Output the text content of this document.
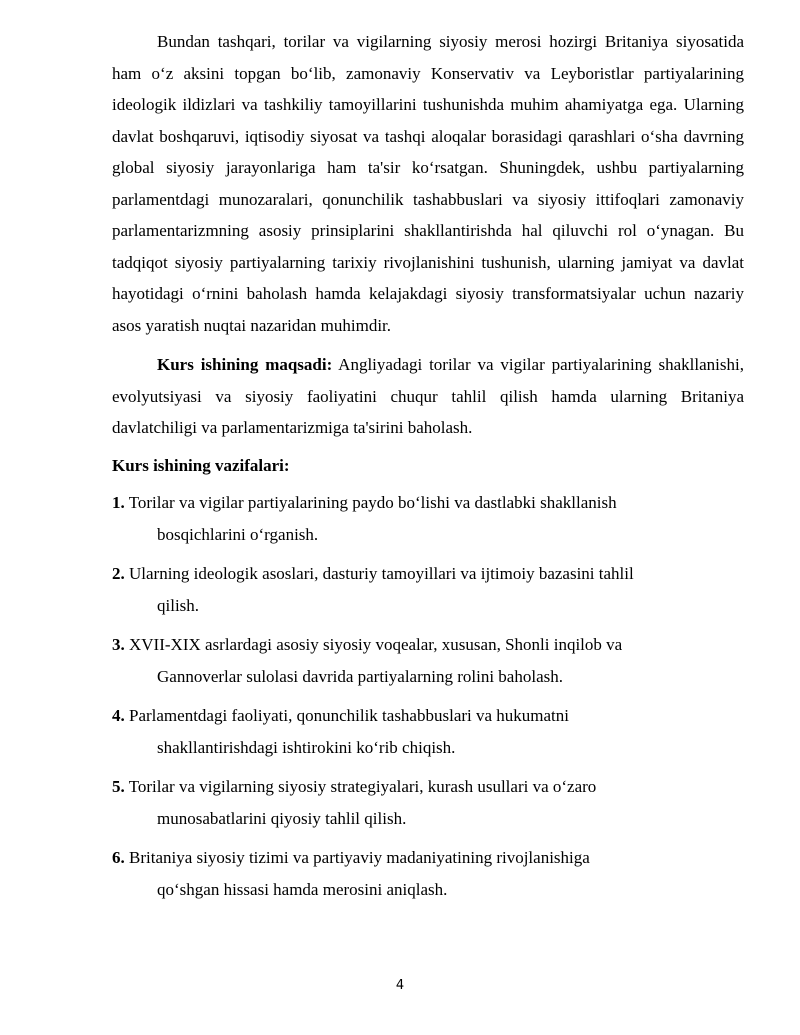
Bundan tashqari, torilar va vigilarning siyosiy merosi hozirgi Britaniya siyosatida ham o‘z aksini topgan bo‘lib, zamonaviy Konservativ va Leyboristlar partiyalarining ideologik ildizlari va tashkiliy tamoyillarini tushunishda muhim ahamiyatga ega. Ularning davlat boshqaruvi, iqtisodiy siyosat va tashqi aloqalar borasidagi qarashlari o‘sha davrning global siyosiy jarayonlariga ham ta'sir ko‘rsatgan. Shuningdek, ushbu partiyalarning parlamentdagi munozaralari, qonunchilik tashabbuslari va siyosiy ittifoqlari zamonaviy parlamentarizmning asosiy prinsiplarini shakllantirishda hal qiluvchi rol o‘ynagan. Bu tadqiqot siyosiy partiyalarning tarixiy rivojlanishini tushunish, ularning jamiyat va davlat hayotidagi o‘rnini baholash hamda kelajakdagi siyosiy transformatsiyalar uchun nazariy asos yaratish nuqtai nazaridan muhimdir.

Kurs ishining maqsadi: Angliyadagi torilar va vigilar partiyalarining shakllanishi, evolyutsiyasi va siyosiy faoliyatini chuqur tahlil qilish hamda ularning Britaniya davlatchiligi va parlamentarizmiga ta'sirini baholash.

Kurs ishining vazifalari:

1. Torilar va vigilar partiyalarining paydo bo‘lishi va dastlabki shakllanish bosqichlarini o‘rganish.
2. Ularning ideologik asoslari, dasturiy tamoyillari va ijtimoiy bazasini tahlil qilish.
3. XVII-XIX asrlardagi asosiy siyosiy voqealar, xususan, Shonli inqilob va Gannoverlar sulolasi davrida partiyalarning rolini baholash.
4. Parlamentdagi faoliyati, qonunchilik tashabbuslari va hukumatni shakllantirishdagi ishtirokini ko‘rib chiqish.
5. Torilar va vigilarning siyosiy strategiyalari, kurash usullari va o‘zaro munosabatlarini qiyosiy tahlil qilish.
6. Britaniya siyosiy tizimi va partiyaviy madaniyatining rivojlanishiga qo‘shgan hissasi hamda merosini aniqlash.
4
